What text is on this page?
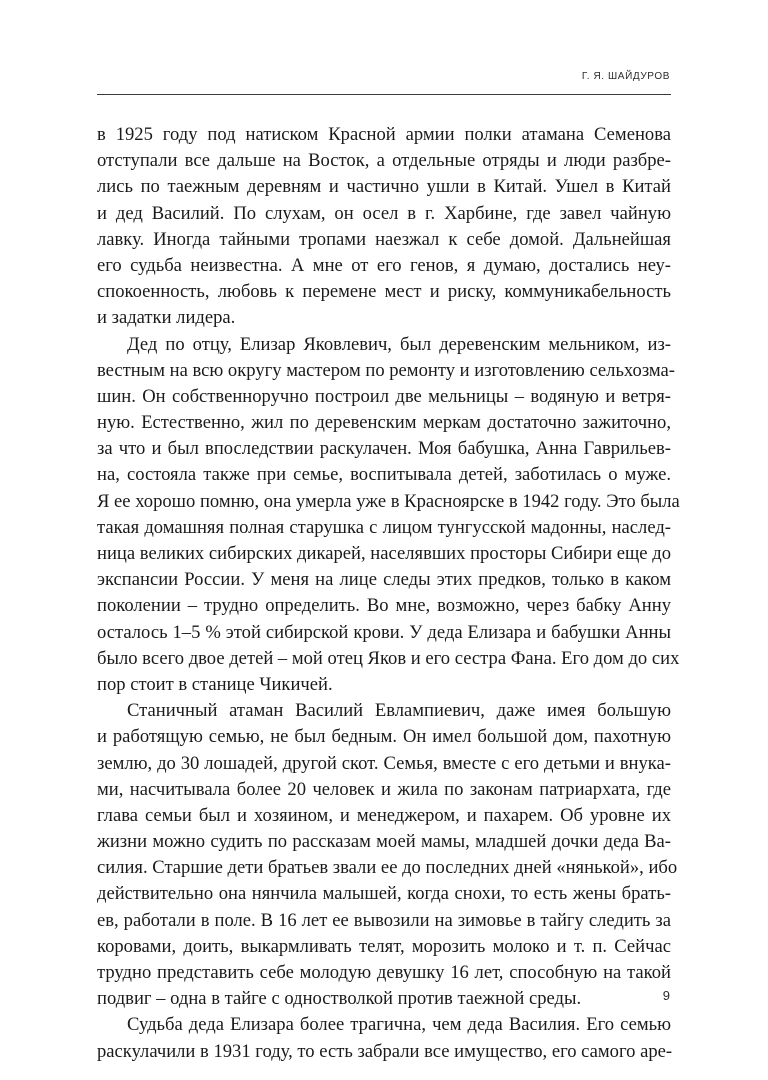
Г. Я. ШАЙДУРОВ

в 1925 году под натиском Красной армии полки атамана Семенова
отступали все дальше на Восток, а отдельные отряды и люди разбре-
лись по таежным деревням и частично ушли в Китай. Ушел в Китай
и дед Василий. По слухам, он осел в г. Харбине, где завел чайную
лавку. Иногда тайными тропами наезжал к себе домой. Дальнейшая
его судьба неизвестна. А мне от его генов, я думаю, достались неу-
спокоенность, любовь к перемене мест и риску, коммуникабельность
и задатки лидера.

Дед по отцу, Елизар Яковлевич, был деревенским мельником, из-
вестным на всю округу мастером по ремонту и изготовлению сельхозма-
шин. Он собственноручно построил две мельницы – водяную и ветря-
ную. Естественно, жил по деревенским меркам достаточно зажиточно,
за что и был впоследствии раскулачен. Моя бабушка, Анна Гаврильев-
на, состояла также при семье, воспитывала детей, заботилась о муже.
Я ее хорошо помню, она умерла уже в Красноярске в 1942 году. Это была
такая домашняя полная старушка с лицом тунгусской мадонны, наслед-
ница великих сибирских дикарей, населявших просторы Сибири еще до
экспансии России. У меня на лице следы этих предков, только в каком
поколении – трудно определить. Во мне, возможно, через бабку Анну
осталось 1–5 % этой сибирской крови. У деда Елизара и бабушки Анны
было всего двое детей – мой отец Яков и его сестра Фана. Его дом до сих
пор стоит в станице Чикичей.

Станичный атаман Василий Евлампиевич, даже имея большую
и работящую семью, не был бедным. Он имел большой дом, пахотную
землю, до 30 лошадей, другой скот. Семья, вместе с его детьми и внука-
ми, насчитывала более 20 человек и жила по законам патриархата, где
глава семьи был и хозяином, и менеджером, и пахарем. Об уровне их
жизни можно судить по рассказам моей мамы, младшей дочки деда Ва-
силия. Старшие дети братьев звали ее до последних дней «нянькой», ибо
действительно она нянчила малышей, когда снохи, то есть жены брать-
ев, работали в поле. В 16 лет ее вывозили на зимовье в тайгу следить за
коровами, доить, выкармливать телят, морозить молоко и т. п. Сейчас
трудно представить себе молодую девушку 16 лет, способную на такой
подвиг – одна в тайге с одностволкой против таежной среды.

Судьба деда Елизара более трагична, чем деда Василия. Его семью
раскулачили в 1931 году, то есть забрали все имущество, его самого аре-

9
